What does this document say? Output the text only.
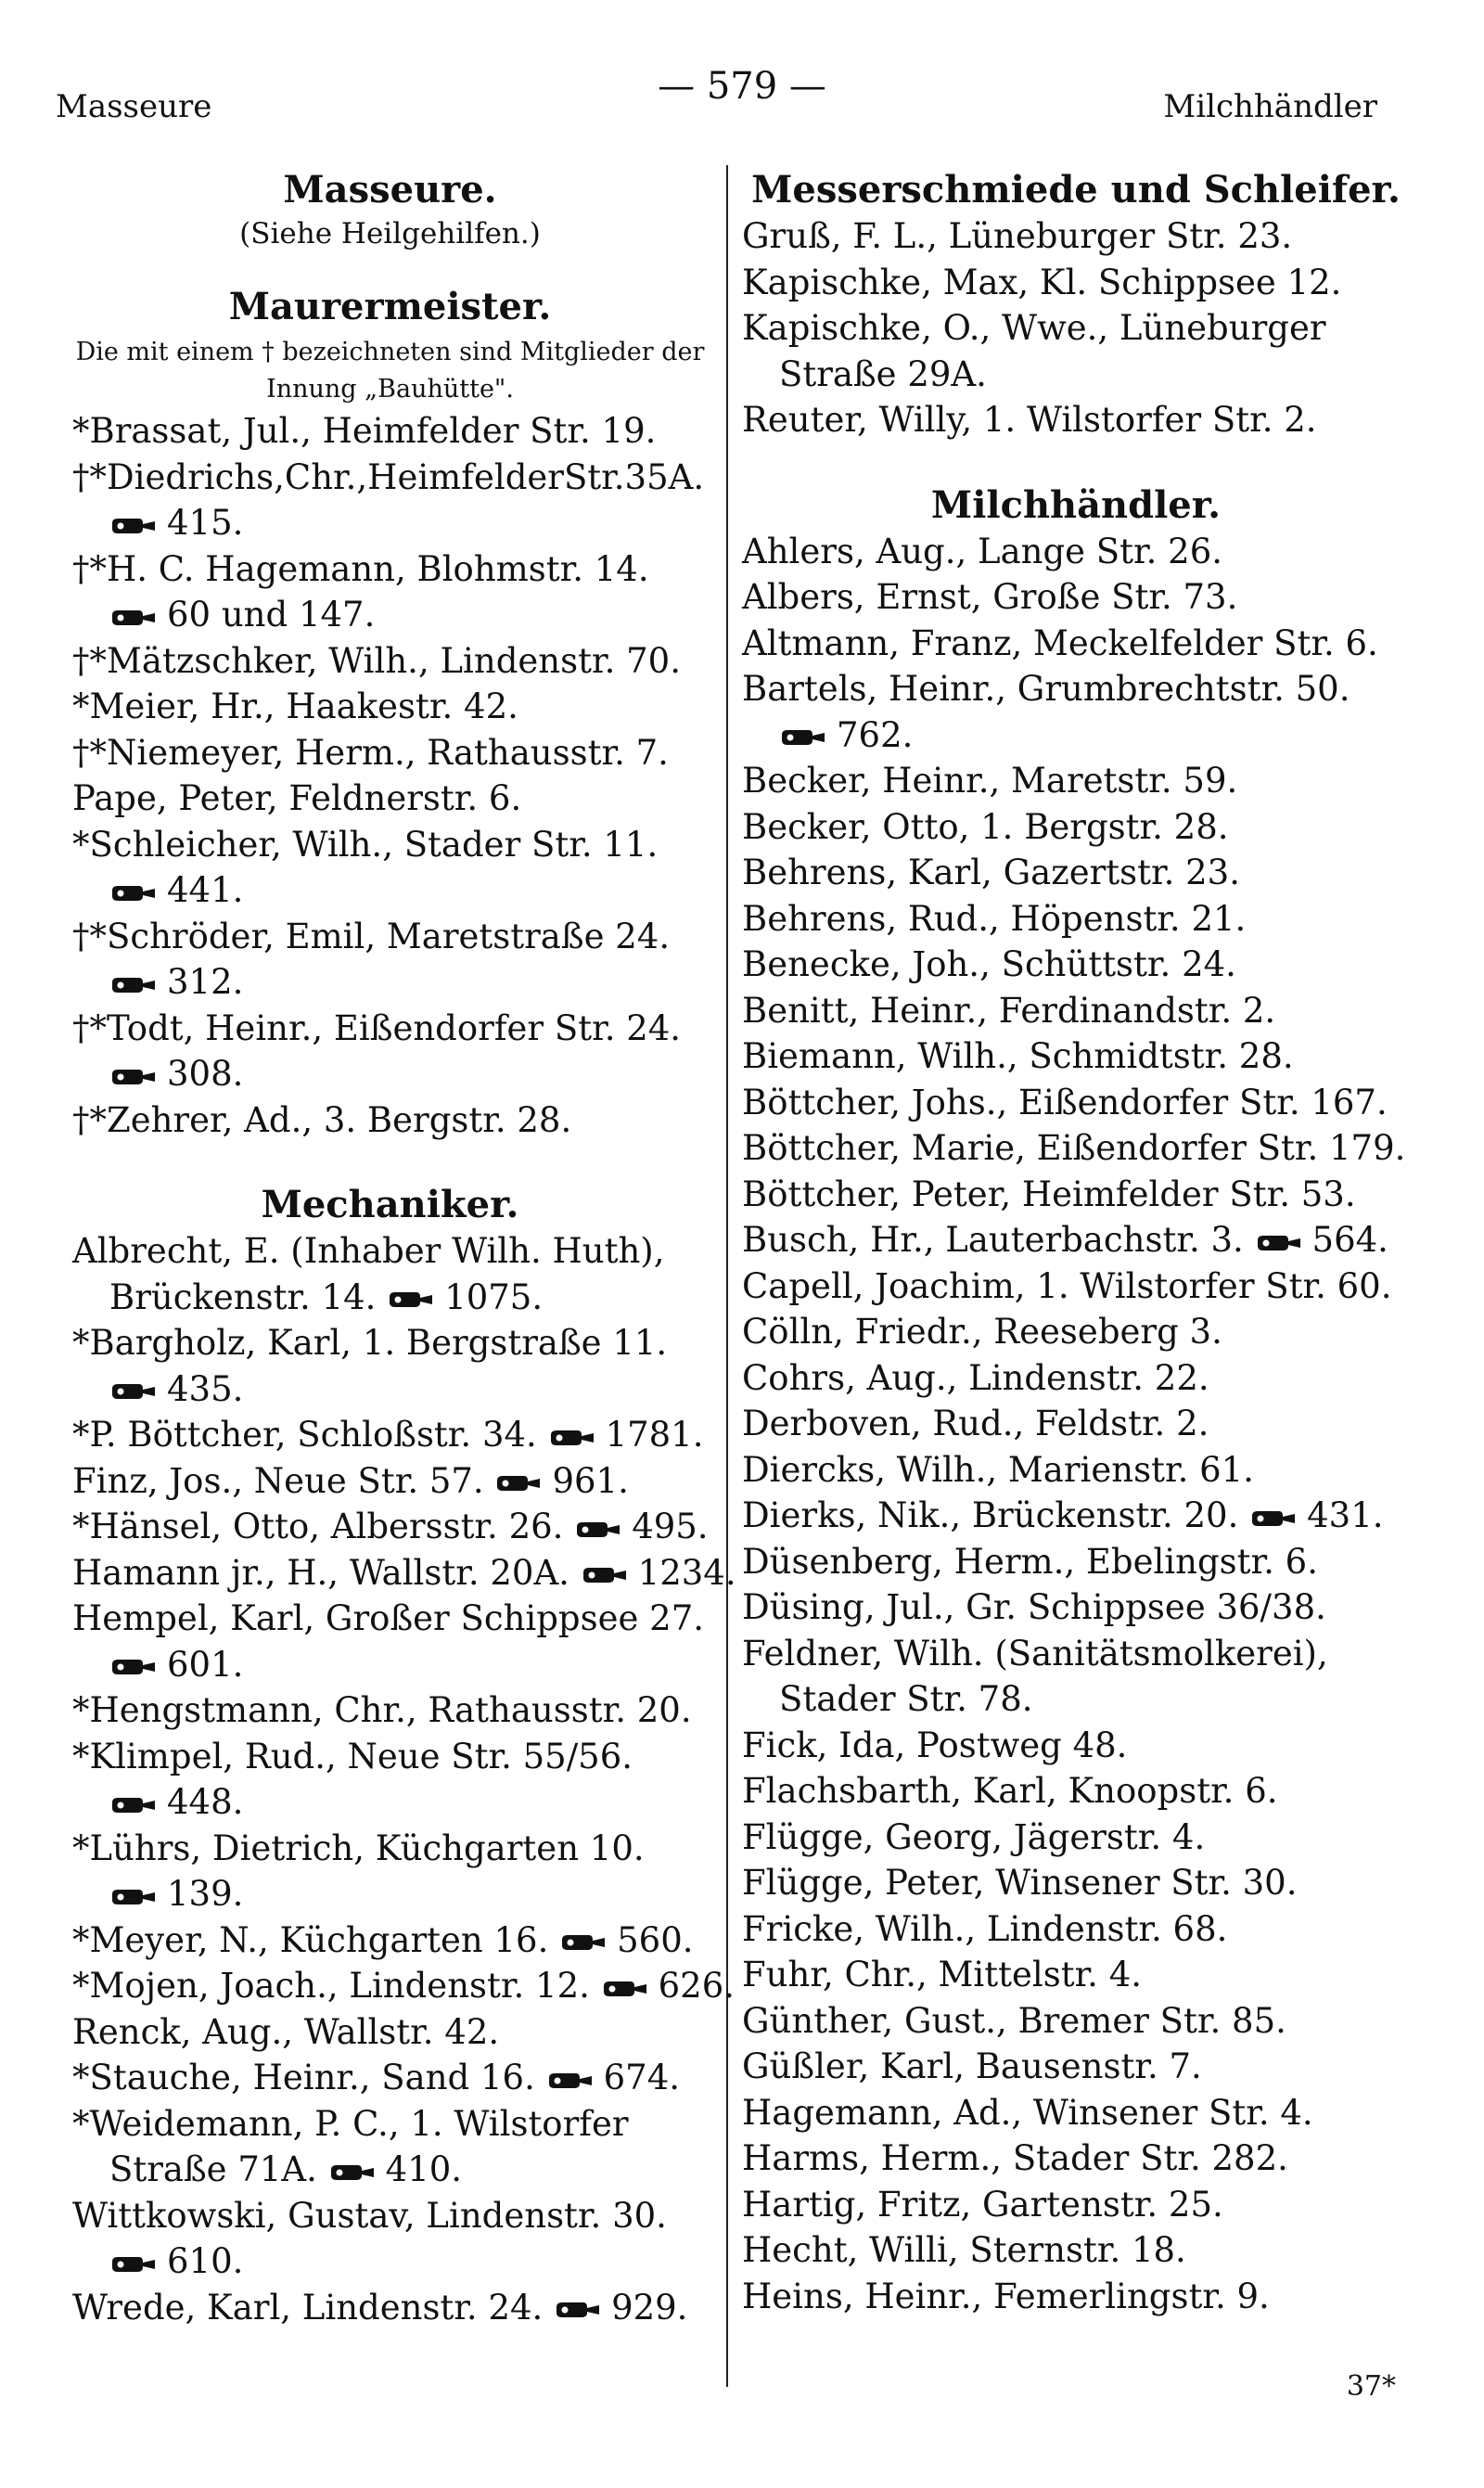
Masseure	— 579 —	Milchhändler

Masseure.

(Siehe Heilgehilfen.)

Maurermeister.

Die mit einem † bezeichneten sind Mitglieder der Innung „Bauhütte".

*Brassat, Jul., Heimfelder Str. 19.

†*Diedrichs,Chr.,HeimfelderStr.35A.

415.

†*H. C. Hagemann, Blohmstr. 14.

60 und 147.

†*Mätzschker, Wilh., Lindenstr. 70.

*Meier, Hr., Haakestr. 42.

†*Niemeyer, Herm., Rathausstr. 7.

Pape, Peter, Feldnerstr. 6.

*Schleicher, Wilh., Stader Str. 11.

441.

†*Schröder, Emil, Maretstraße 24.

312.

†*Todt, Heinr., Eißendorfer Str. 24.

308.

†*Zehrer, Ad., 3. Bergstr. 28.

Mechaniker.

Albrecht, E. (Inhaber Wilh. Huth),

Brückenstr. 14. 1075.

*Bargholz, Karl, 1. Bergstraße 11.

435.

*P. Böttcher, Schloßstr. 34. 1781.

Finz, Jos., Neue Str. 57. 961.

*Hänsel, Otto, Albersstr. 26. 495.

Hamann jr., H., Wallstr. 20A. 1234.

Hempel, Karl, Großer Schippsee 27.

601.

*Hengstmann, Chr., Rathausstr. 20.

*Klimpel, Rud., Neue Str. 55/56.

448.

*Lührs, Dietrich, Küchgarten 10.

139.

*Meyer, N., Küchgarten 16. 560.

*Mojen, Joach., Lindenstr. 12. 626.

Renck, Aug., Wallstr. 42.

*Stauche, Heinr., Sand 16. 674.

*Weidemann, P. C., 1. Wilstorfer

Straße 71A. 410.

Wittkowski, Gustav, Lindenstr. 30.

610.

Wrede, Karl, Lindenstr. 24. 929.

Messerschmiede und Schleifer.

Gruß, F. L., Lüneburger Str. 23.

Kapischke, Max, Kl. Schippsee 12.

Kapischke, O., Wwe., Lüneburger

Straße 29A.

Reuter, Willy, 1. Wilstorfer Str. 2.

Milchhändler.

Ahlers, Aug., Lange Str. 26.

Albers, Ernst, Große Str. 73.

Altmann, Franz, Meckelfelder Str. 6.

Bartels, Heinr., Grumbrechtstr. 50.

762.

Becker, Heinr., Maretstr. 59.

Becker, Otto, 1. Bergstr. 28.

Behrens, Karl, Gazertstr. 23.

Behrens, Rud., Höpenstr. 21.

Benecke, Joh., Schüttstr. 24.

Benitt, Heinr., Ferdinandstr. 2.

Biemann, Wilh., Schmidtstr. 28.

Böttcher, Johs., Eißendorfer Str. 167.

Böttcher, Marie, Eißendorfer Str. 179.

Böttcher, Peter, Heimfelder Str. 53.

Busch, Hr., Lauterbachstr. 3. 564.

Capell, Joachim, 1. Wilstorfer Str. 60.

Cölln, Friedr., Reeseberg 3.

Cohrs, Aug., Lindenstr. 22.

Derboven, Rud., Feldstr. 2.

Diercks, Wilh., Marienstr. 61.

Dierks, Nik., Brückenstr. 20. 431.

Düsenberg, Herm., Ebelingstr. 6.

Düsing, Jul., Gr. Schippsee 36/38.

Feldner, Wilh. (Sanitätsmolkerei),

Stader Str. 78.

Fick, Ida, Postweg 48.

Flachsbarth, Karl, Knoopstr. 6.

Flügge, Georg, Jägerstr. 4.

Flügge, Peter, Winsener Str. 30.

Fricke, Wilh., Lindenstr. 68.

Fuhr, Chr., Mittelstr. 4.

Günther, Gust., Bremer Str. 85.

Güßler, Karl, Bausenstr. 7.

Hagemann, Ad., Winsener Str. 4.

Harms, Herm., Stader Str. 282.

Hartig, Fritz, Gartenstr. 25.

Hecht, Willi, Sternstr. 18.

Heins, Heinr., Femerlingstr. 9.

37*
